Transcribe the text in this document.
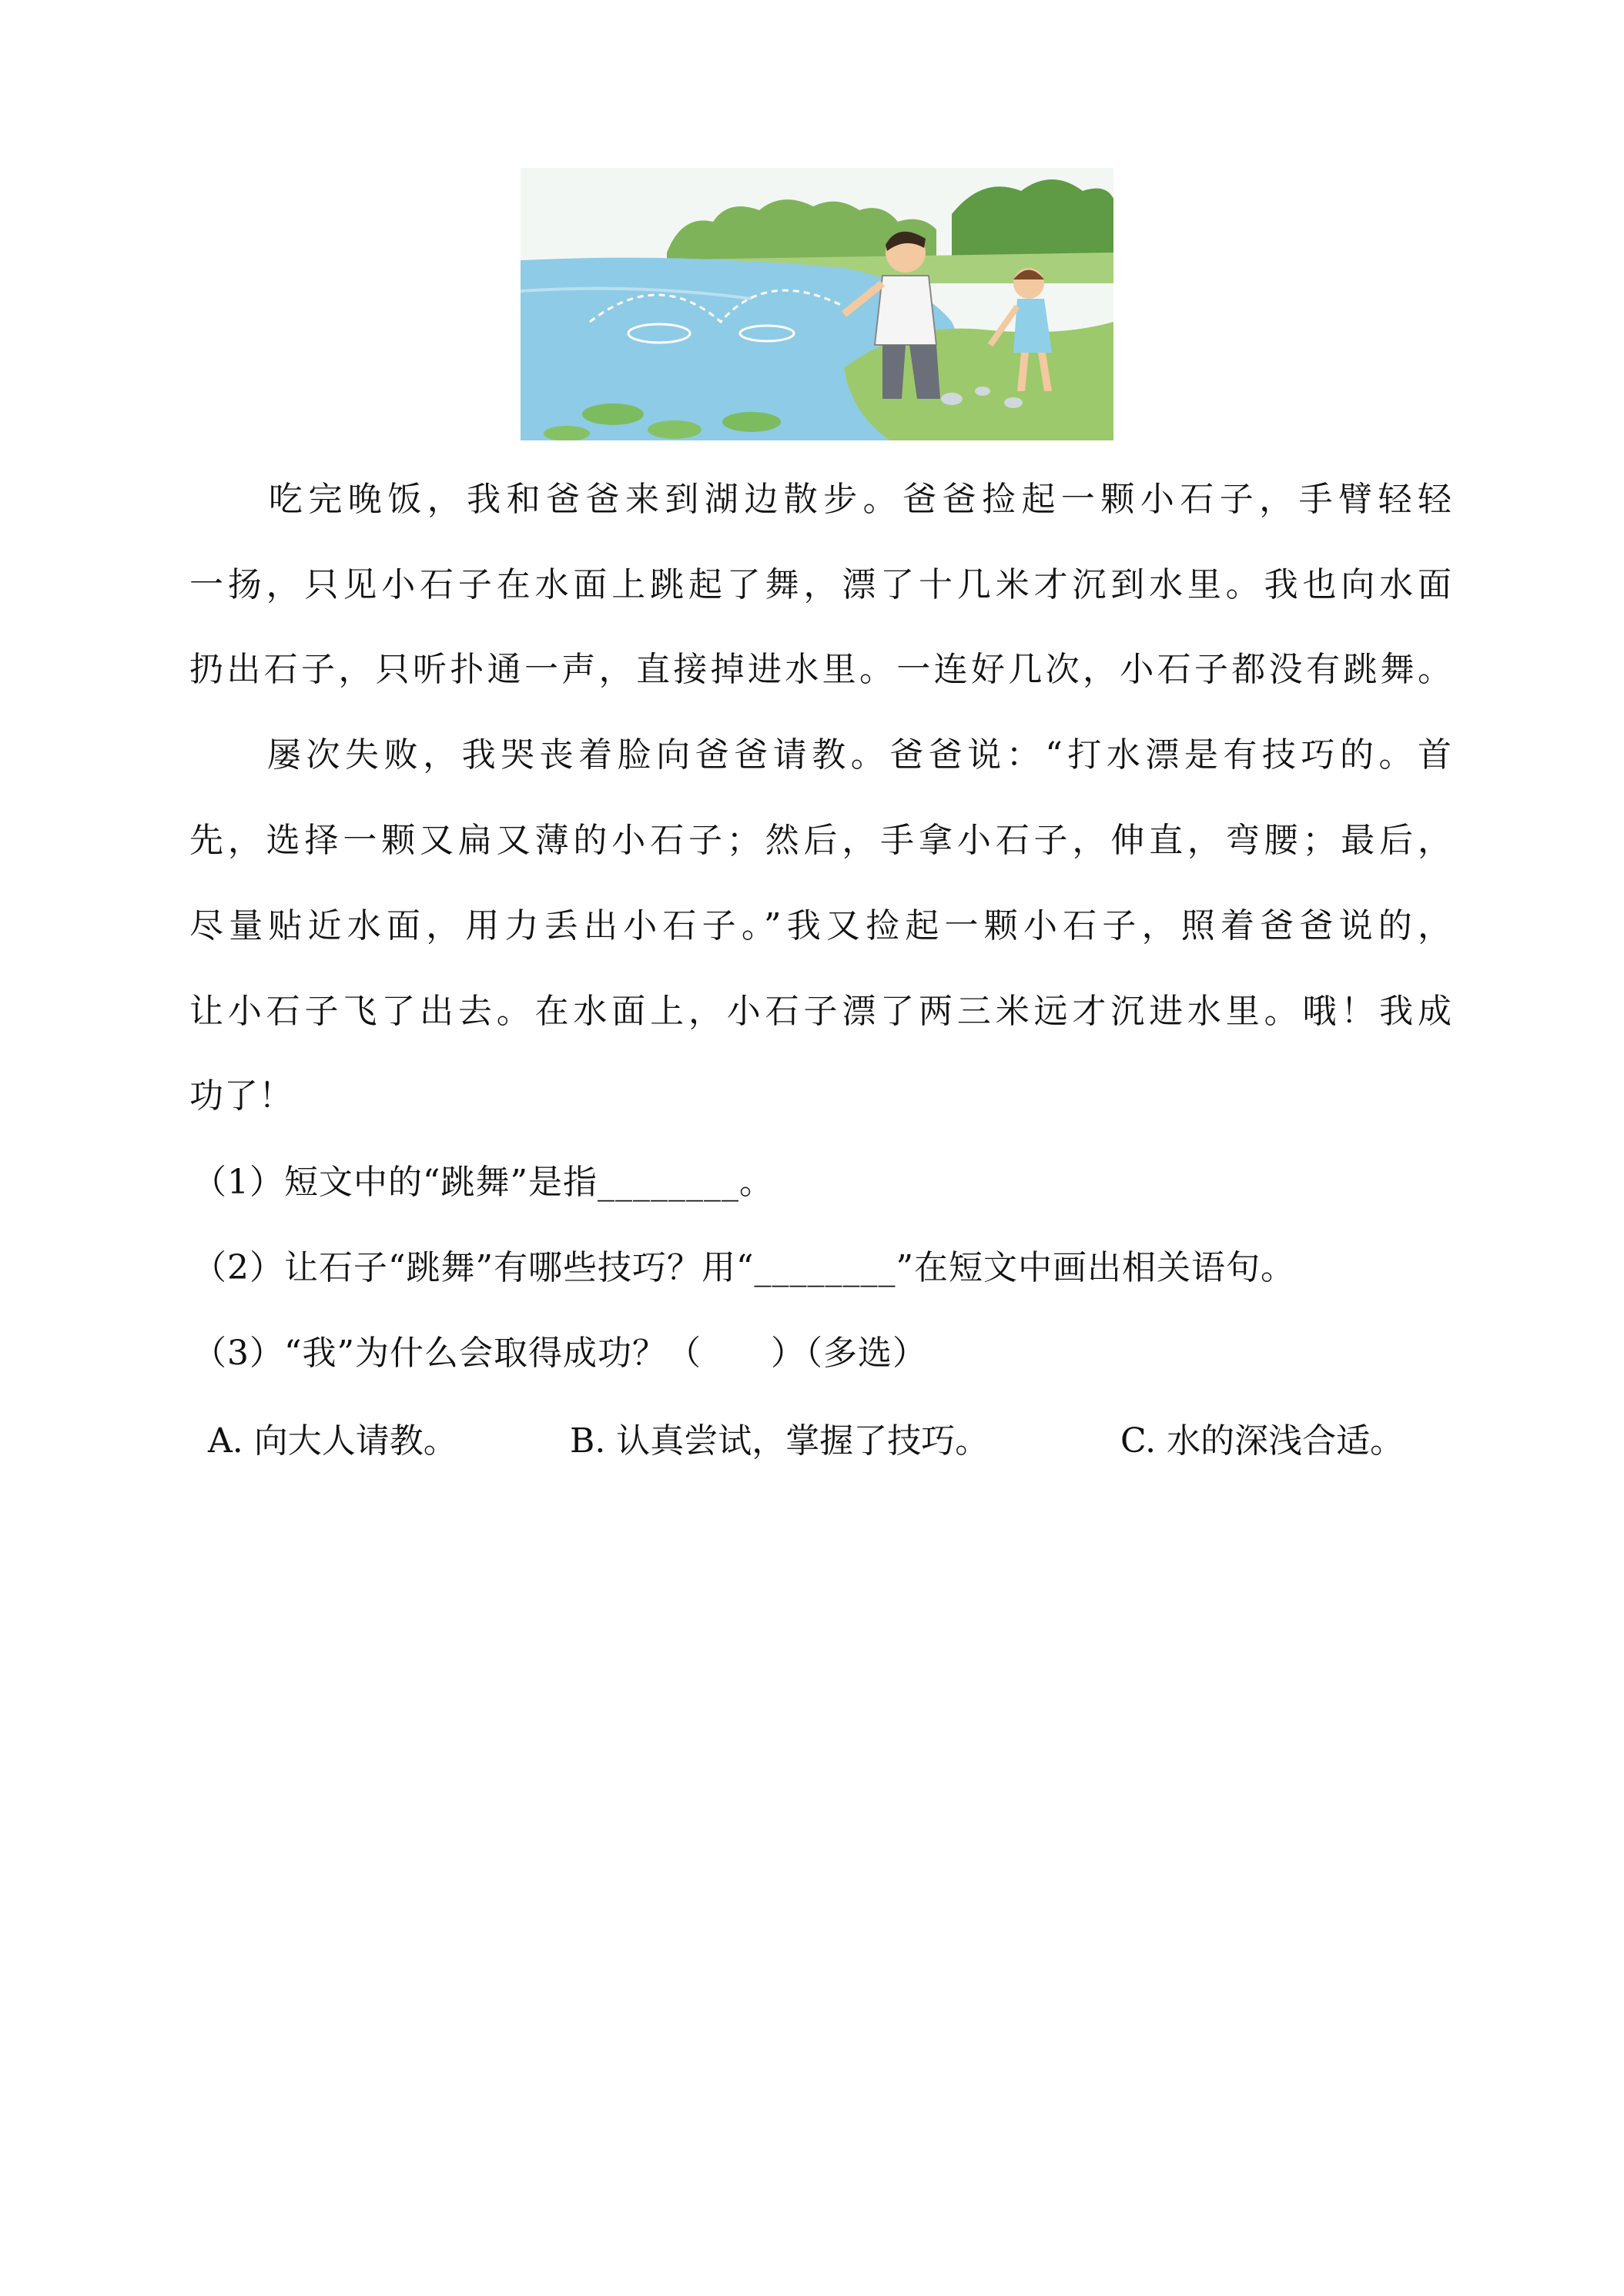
　　吃完晚饭，我和爸爸来到湖边散步。爸爸捡起一颗小石子，手臂轻轻
一扬，只见小石子在水面上跳起了舞，漂了十几米才沉到水里。我也向水面
扔出石子，只听扑通一声，直接掉进水里。一连好几次，小石子都没有跳舞。
　　屡次失败，我哭丧着脸向爸爸请教。爸爸说：“打水漂是有技巧的。首
先，选择一颗又扁又薄的小石子；然后，手拿小石子，伸直，弯腰；最后，
尽量贴近水面，用力丢出小石子。”我又捡起一颗小石子，照着爸爸说的，
让小石子飞了出去。在水面上，小石子漂了两三米远才沉进水里。哦！我成
功了！
（1）短文中的“跳舞”是指________。
（2）让石子“跳舞”有哪些技巧？用“________”在短文中画出相关语句。
（3）“我”为什么会取得成功？（　　）（多选）
A. 向大人请教。	B. 认真尝试，掌握了技巧。	C. 水的深浅合适。
